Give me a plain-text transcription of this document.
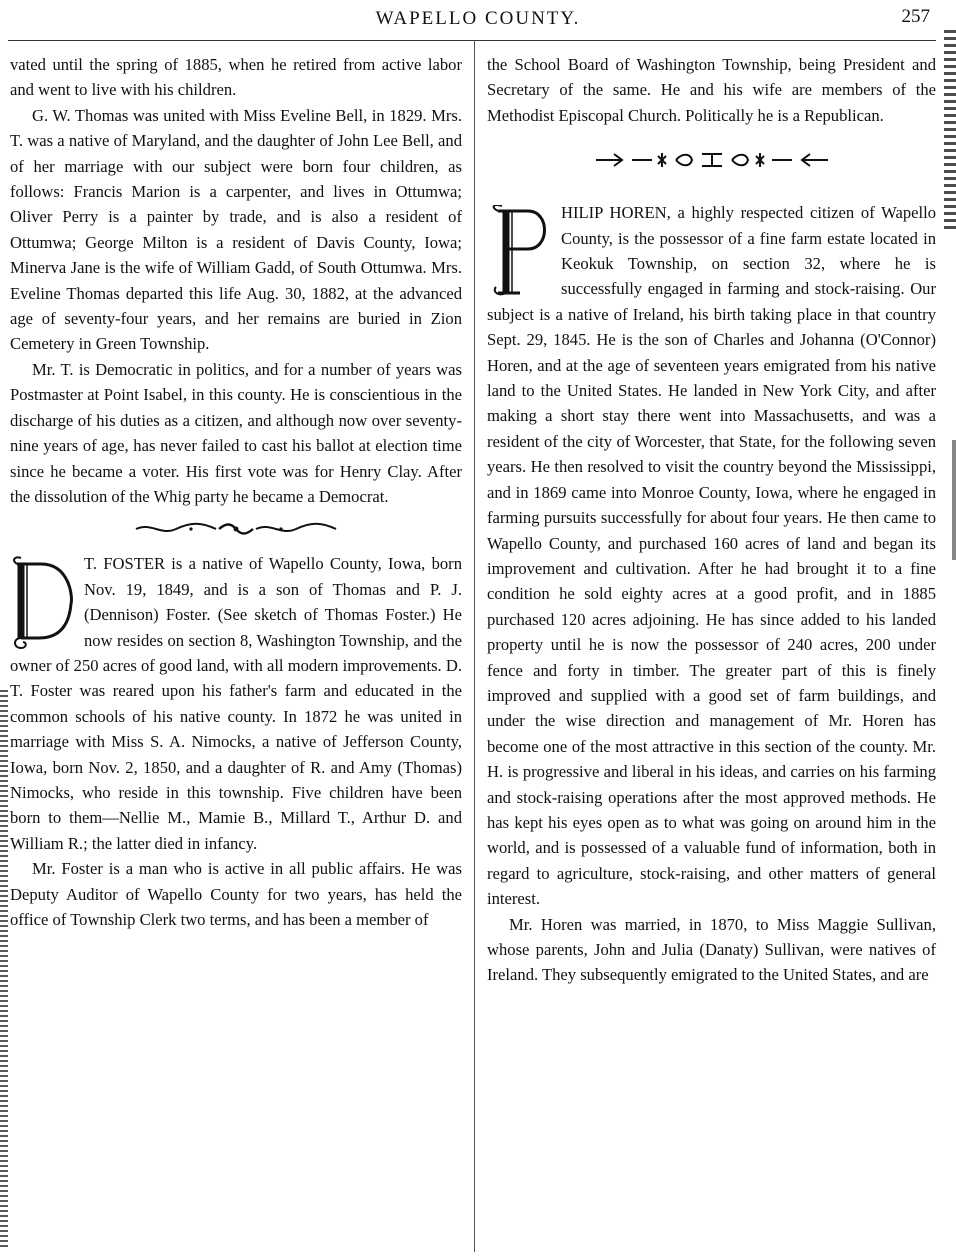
WAPELLO COUNTY.	257

vated until the spring of 1885, when he retired from active labor and went to live with his children.

G. W. Thomas was united with Miss Eveline Bell, in 1829. Mrs. T. was a native of Maryland, and the daughter of John Lee Bell, and of her marriage with our subject were born four children, as follows: Francis Marion is a carpenter, and lives in Ottumwa; Oliver Perry is a painter by trade, and is also a resident of Ottumwa; George Milton is a resident of Davis County, Iowa; Minerva Jane is the wife of William Gadd, of South Ottumwa. Mrs. Eveline Thomas departed this life Aug. 30, 1882, at the advanced age of seventy-four years, and her remains are buried in Zion Cemetery in Green Township.

Mr. T. is Democratic in politics, and for a number of years was Postmaster at Point Isabel, in this county. He is conscientious in the discharge of his duties as a citizen, and although now over seventy-nine years of age, has never failed to cast his ballot at election time since he became a voter. His first vote was for Henry Clay. After the dissolution of the Whig party he became a Democrat.

T. FOSTER is a native of Wapello County, Iowa, born Nov. 19, 1849, and is a son of Thomas and P. J. (Dennison) Foster. (See sketch of Thomas Foster.) He now resides on section 8, Washington Township, and the owner of 250 acres of good land, with all modern improvements. D. T. Foster was reared upon his father's farm and educated in the common schools of his native county. In 1872 he was united in marriage with Miss S. A. Nimocks, a native of Jefferson County, Iowa, born Nov. 2, 1850, and a daughter of R. and Amy (Thomas) Nimocks, who reside in this township. Five children have been born to them—Nellie M., Mamie B., Millard T., Arthur D. and William R.; the latter died in infancy.

Mr. Foster is a man who is active in all public affairs. He was Deputy Auditor of Wapello County for two years, has held the office of Township Clerk two terms, and has been a member of

the School Board of Washington Township, being President and Secretary of the same. He and his wife are members of the Methodist Episcopal Church. Politically he is a Republican.

HILIP HOREN, a highly respected citizen of Wapello County, is the possessor of a fine farm estate located in Keokuk Township, on section 32, where he is successfully engaged in farming and stock-raising. Our subject is a native of Ireland, his birth taking place in that country Sept. 29, 1845. He is the son of Charles and Johanna (O'Connor) Horen, and at the age of seventeen years emigrated from his native land to the United States. He landed in New York City, and after making a short stay there went into Massachusetts, and was a resident of the city of Worcester, that State, for the following seven years. He then resolved to visit the country beyond the Mississippi, and in 1869 came into Monroe County, Iowa, where he engaged in farming pursuits successfully for about four years. He then came to Wapello County, and purchased 160 acres of land and began its improvement and cultivation. After he had brought it to a fine condition he sold eighty acres at a good profit, and in 1885 purchased 120 acres adjoining. He has since added to his landed property until he is now the possessor of 240 acres, 200 under fence and forty in timber. The greater part of this is finely improved and supplied with a good set of farm buildings, and under the wise direction and management of Mr. Horen has become one of the most attractive in this section of the county. Mr. H. is progressive and liberal in his ideas, and carries on his farming and stock-raising operations after the most approved methods. He has kept his eyes open as to what was going on around him in the world, and is possessed of a valuable fund of information, both in regard to agriculture, stock-raising, and other matters of general interest.

Mr. Horen was married, in 1870, to Miss Maggie Sullivan, whose parents, John and Julia (Danaty) Sullivan, were natives of Ireland. They subsequently emigrated to the United States, and are
